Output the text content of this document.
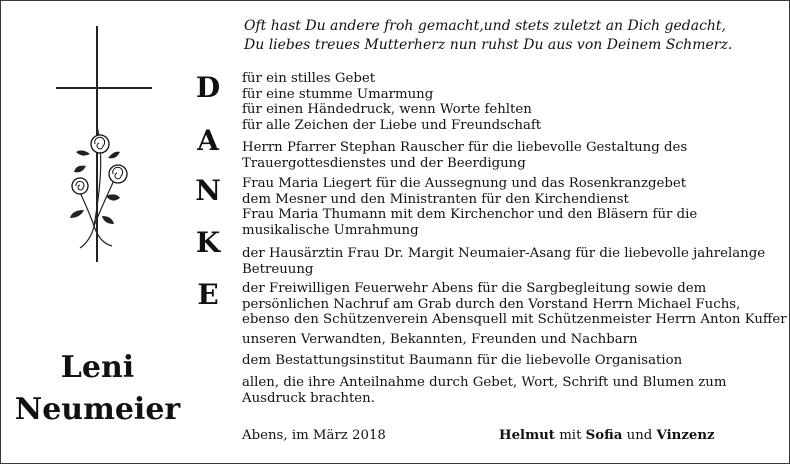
Oft hast Du andere froh gemacht,und stets zuletzt an Dich gedacht,
Du liebes treues Mutterherz nun ruhst Du aus von Deinem Schmerz.
D
A
N
K
E
für ein stilles Gebet
für eine stumme Umarmung
für einen Händedruck, wenn Worte fehlten
für alle Zeichen der Liebe und Freundschaft
Herrn Pfarrer Stephan Rauscher für die liebevolle Gestaltung des
Trauergottesdienstes und der Beerdigung
Frau Maria Liegert für die Aussegnung und das Rosenkranzgebet
dem Mesner und den Ministranten für den Kirchendienst
Frau Maria Thumann mit dem Kirchenchor und den Bläsern für die
musikalische Umrahmung
der Hausärztin Frau Dr. Margit Neumaier-Asang für die liebevolle jahrelange
Betreuung
der Freiwilligen Feuerwehr Abens für die Sargbegleitung sowie dem
persönlichen Nachruf am Grab durch den Vorstand Herrn Michael Fuchs,
ebenso den Schützenverein Abensquell mit Schützenmeister Herrn Anton Kuffer
unseren Verwandten, Bekannten, Freunden und Nachbarn
dem Bestattungsinstitut Baumann für die liebevolle Organisation
allen, die ihre Anteilnahme durch Gebet, Wort, Schrift und Blumen zum
Ausdruck brachten.
Leni
Neumeier
Abens, im März 2018	Helmut mit Sofia und Vinzenz
